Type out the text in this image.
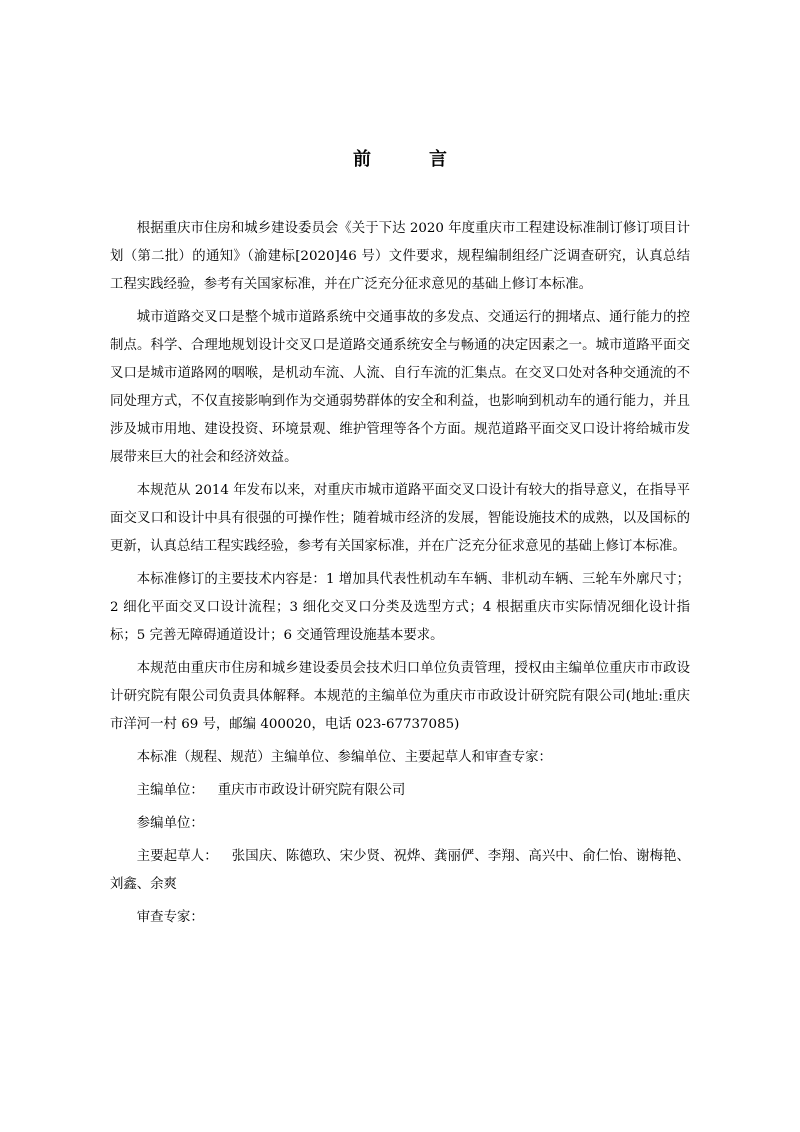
前　言

根据重庆市住房和城乡建设委员会《关于下达 2020 年度重庆市工程建设标准制订修订项目计划（第二批）的通知》（渝建标[2020]46 号）文件要求，规程编制组经广泛调查研究，认真总结工程实践经验，参考有关国家标准，并在广泛充分征求意见的基础上修订本标准。

城市道路交叉口是整个城市道路系统中交通事故的多发点、交通运行的拥堵点、通行能力的控制点。科学、合理地规划设计交叉口是道路交通系统安全与畅通的决定因素之一。城市道路平面交叉口是城市道路网的咽喉，是机动车流、人流、自行车流的汇集点。在交叉口处对各种交通流的不同处理方式，不仅直接影响到作为交通弱势群体的安全和利益，也影响到机动车的通行能力，并且涉及城市用地、建设投资、环境景观、维护管理等各个方面。规范道路平面交叉口设计将给城市发展带来巨大的社会和经济效益。

本规范从 2014 年发布以来，对重庆市城市道路平面交叉口设计有较大的指导意义，在指导平面交叉口和设计中具有很强的可操作性；随着城市经济的发展，智能设施技术的成熟，以及国标的更新，认真总结工程实践经验，参考有关国家标准，并在广泛充分征求意见的基础上修订本标准。

本标准修订的主要技术内容是：1 增加具代表性机动车车辆、非机动车辆、三轮车外廓尺寸；2 细化平面交叉口设计流程；3 细化交叉口分类及选型方式；4 根据重庆市实际情况细化设计指标；5 完善无障碍通道设计；6 交通管理设施基本要求。

本规范由重庆市住房和城乡建设委员会技术归口单位负责管理，授权由主编单位重庆市市政设计研究院有限公司负责具体解释。本规范的主编单位为重庆市市政设计研究院有限公司(地址:重庆市洋河一村 69 号，邮编 400020，电话 023-67737085)

本标准（规程、规范）主编单位、参编单位、主要起草人和审查专家：

主编单位： 重庆市市政设计研究院有限公司

参编单位：

主要起草人： 张国庆、陈德玖、宋少贤、祝烨、龚丽俨、李翔、高兴中、俞仁怡、谢梅艳、刘鑫、余爽

审查专家：
